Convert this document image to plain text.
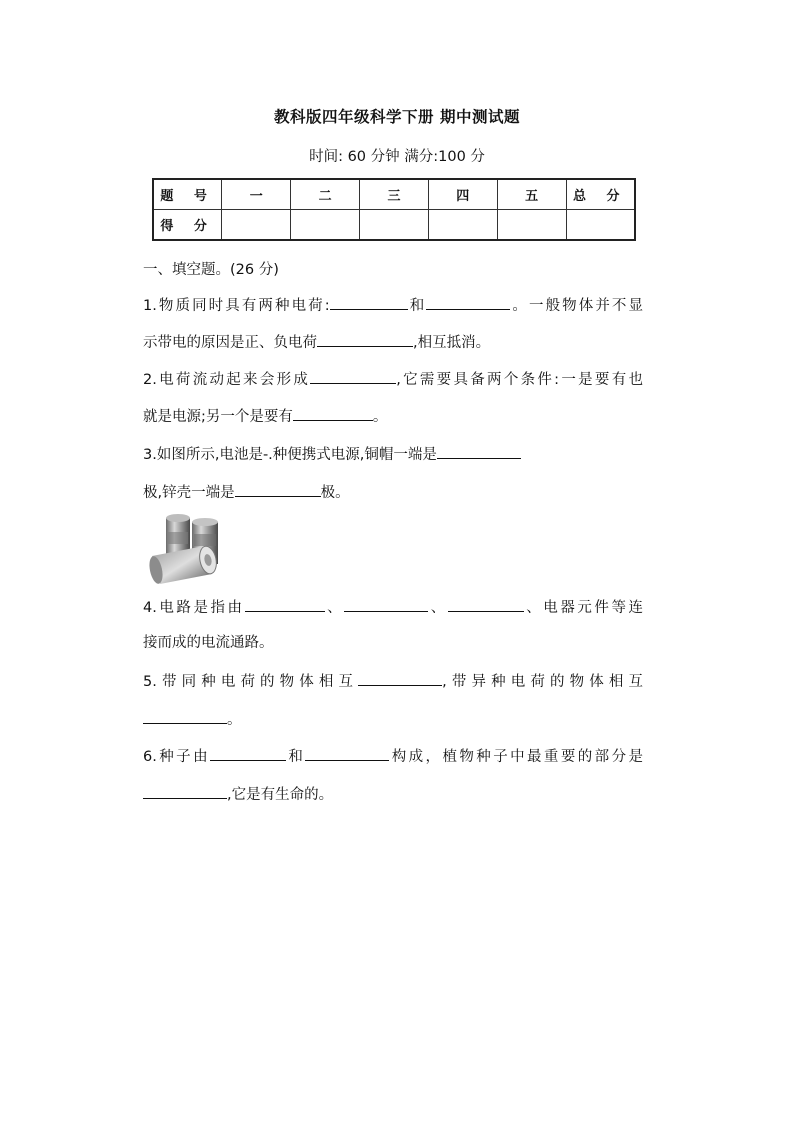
教科版四年级科学下册 期中测试题
时间: 60 分钟 满分:100 分
题 号	一	二	三	四	五	总 分
得 分						
一、填空题。(26 分)
1.物质同时具有两种电荷:	和	。一般物体并不显
示带电的原因是正、负电荷	,相互抵消。
2.电荷流动起来会形成	,它需要具备两个条件:一是要有也
就是电源;另一个是要有	。
3.如图所示,电池是-.种便携式电源,铜帽一端是
极,锌壳一端是	极。
4.电路是指由	、	、	、电器元件等连
接而成的电流通路。
5.带同种电荷的物体相互	,带异种电荷的物体相互
。
6.种子由	和	构成，植物种子中最重要的部分是
,它是有生命的。
